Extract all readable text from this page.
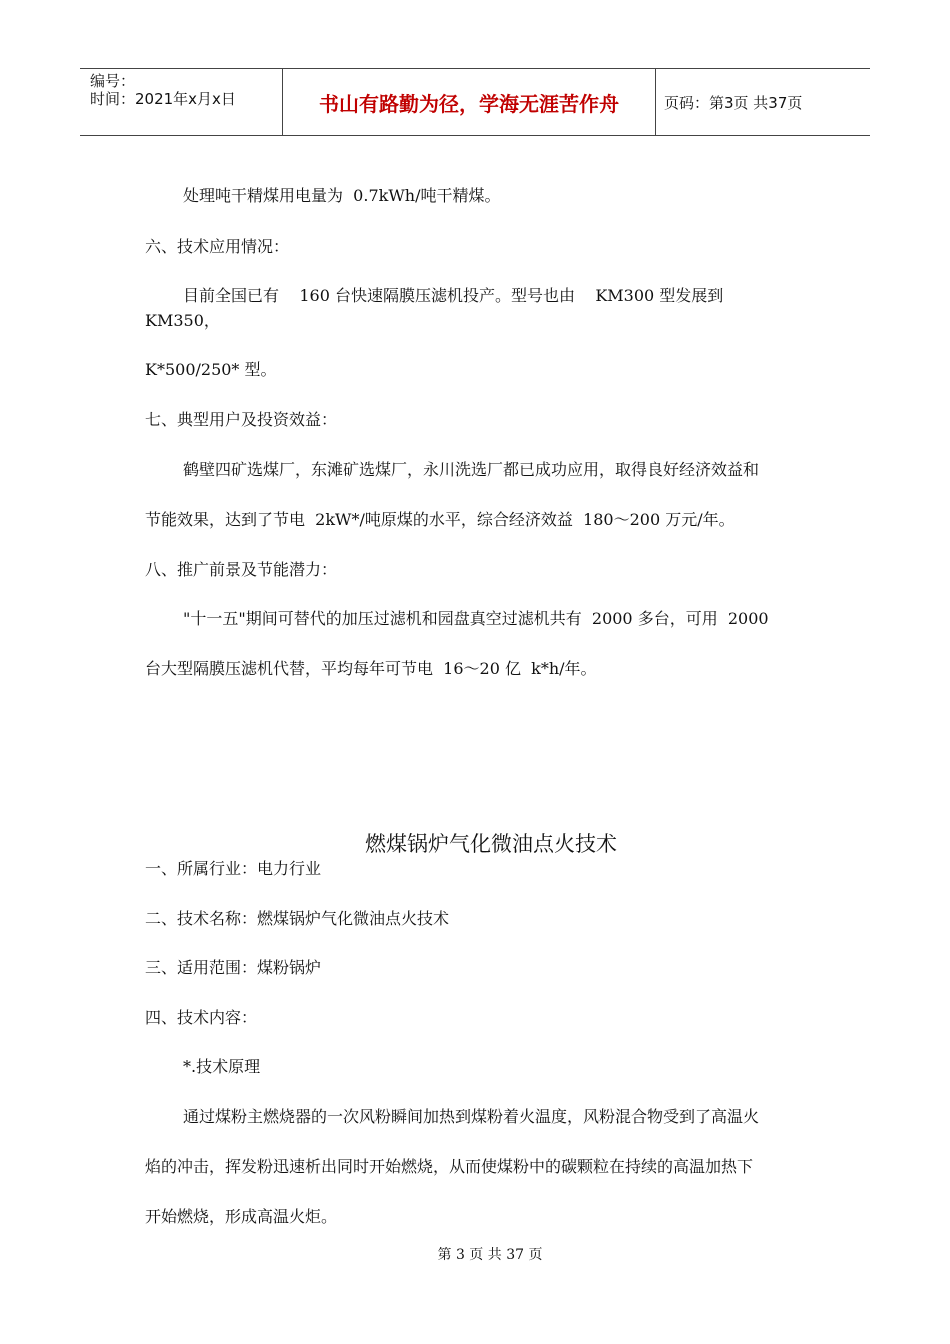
编号：
时间：2021年x月x日	书山有路勤为径，学海无涯苦作舟	页码：第3页 共37页
处理吨干精煤用电量为  0.7kWh/吨干精煤。
六、技术应用情况：
目前全国已有    160 台快速隔膜压滤机投产。型号也由    KM300 型发展到
KM350，
K*500/250* 型。
七、典型用户及投资效益：
鹤壁四矿选煤厂，东滩矿选煤厂，永川洗选厂都已成功应用，取得良好经济效益和
节能效果，达到了节电  2kW*/吨原煤的水平，综合经济效益  180～200 万元/年。
八、推广前景及节能潜力：
"十一五"期间可替代的加压过滤机和园盘真空过滤机共有  2000 多台，可用  2000
台大型隔膜压滤机代替，平均每年可节电  16～20 亿  k*h/年。
燃煤锅炉气化微油点火技术
一、所属行业：电力行业
二、技术名称：燃煤锅炉气化微油点火技术
三、适用范围：煤粉锅炉
四、技术内容：
*.技术原理
通过煤粉主燃烧器的一次风粉瞬间加热到煤粉着火温度，风粉混合物受到了高温火
焰的冲击，挥发粉迅速析出同时开始燃烧，从而使煤粉中的碳颗粒在持续的高温加热下
开始燃烧，形成高温火炬。
第 3 页 共 37 页
